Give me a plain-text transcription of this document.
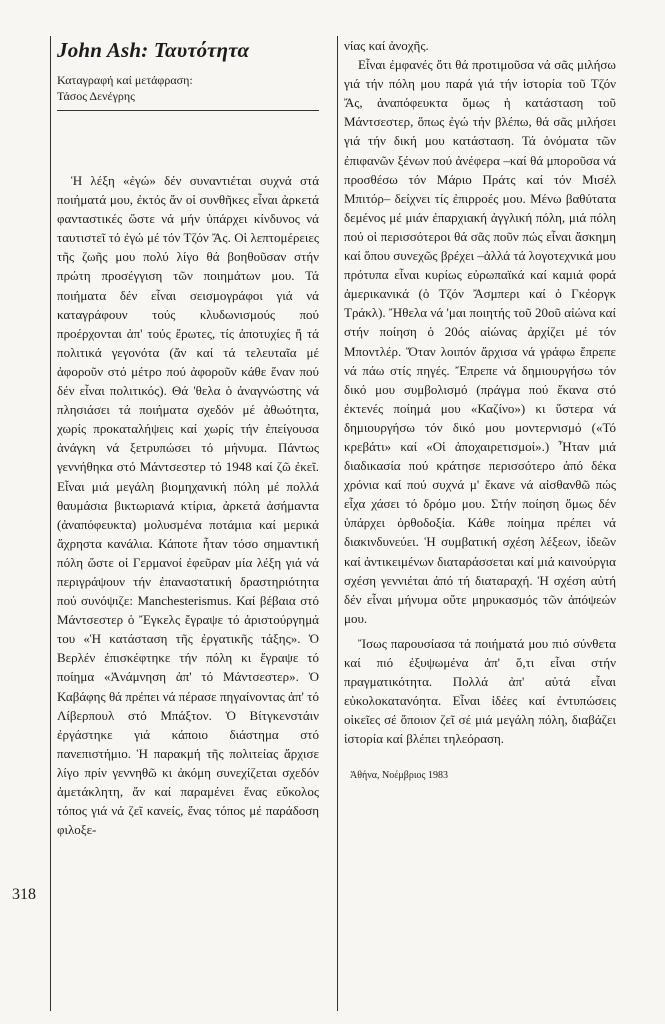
John Ash: Ταυτότητα
Καταγραφή καί μετάφραση:
Τάσος Δενέγρης

Ἡ λέξη «ἐγώ» δέν συναντιέται συχνά στά ποιήματά μου, ἐκτός ἄν οἱ συνθῆκες εἶναι ἀρκετά φανταστικές ὥστε νά μήν ὑπάρχει κίνδυνος νά ταυτιστεῖ τό ἐγώ μέ τόν Τζόν Ἄς. Οἱ λεπτομέρειες τῆς ζωῆς μου πολύ λίγο θά βοηθοῦσαν στήν πρώτη προσέγγιση τῶν ποιημάτων μου. Τά ποιήματα δέν εἶναι σεισμογράφοι γιά νά καταγράφουν τούς κλυδωνισμούς πού προέρχονται ἀπ' τούς ἔρωτες, τίς ἀποτυχίες ἤ τά πολιτικά γεγονότα (ἄν καί τά τελευταῖα μέ ἀφοροῦν στό μέτρο πού ἀφοροῦν κάθε ἕναν πού δέν εἶναι πολιτικός). Θά 'θελα ὁ ἀναγνώστης νά πλησιάσει τά ποιήματα σχεδόν μέ ἀθωότητα, χωρίς προκαταλήψεις καί χωρίς τήν ἐπείγουσα ἀνάγκη νά ξετρυπώσει τό μήνυμα. Πάντως γεννήθηκα στό Μάντσεστερ τό 1948 καί ζῶ ἐκεῖ. Εἶναι μιά μεγάλη βιομηχανική πόλη μέ πολλά θαυμάσια βικτωριανά κτίρια, ἀρκετά ἀσήμαντα (ἀναπόφευκτα) μολυσμένα ποτάμια καί μερικά ἄχρηστα κανάλια. Κάποτε ἦταν τόσο σημαντική πόλη ὥστε οἱ Γερμανοί ἐφεῦραν μία λέξη γιά νά περιγράψουν τήν ἐπαναστατική δραστηριότητα πού συνόψιζε: Manchesterismus. Καί βέβαια στό Μάντσεστερ ὁ Ἔγκελς ἔγραψε τό ἀριστούργημά του «Ἡ κατάσταση τῆς ἐργατικῆς τάξης». Ὁ Βερλέν ἐπισκέφτηκε τήν πόλη κι ἔγραψε τό ποίημα «Ἀνάμνηση ἀπ' τό Μάντσεστερ». Ὁ Καβάφης θά πρέπει νά πέρασε πηγαίνοντας ἀπ' τό Λίβερπουλ στό Μπάξτον. Ὁ Βίτγκενστάιν ἐργάστηκε γιά κάποιο διάστημα στό πανεπιστήμιο. Ἡ παρακμή τῆς πολιτείας ἄρχισε λίγο πρίν γεννηθῶ κι ἀκόμη συνεχίζεται σχεδόν ἀμετάκλητη, ἄν καί παραμένει ἕνας εὔκολος τόπος γιά νά ζεῖ κανείς, ἕνας τόπος μέ παράδοση φιλοξε-

νίας καί ἀνοχῆς.

Εἶναι ἐμφανές ὅτι θά προτιμοῦσα νά σᾶς μιλήσω γιά τήν πόλη μου παρά γιά τήν ἱστορία τοῦ Τζόν Ἄς, ἀναπόφευκτα ὅμως ἡ κατάσταση τοῦ Μάντσεστερ, ὅπως ἐγώ τήν βλέπω, θά σᾶς μιλήσει γιά τήν δική μου κατάσταση. Τά ὀνόματα τῶν ἐπιφανῶν ξένων πού ἀνέφερα –καί θά μποροῦσα νά προσθέσω τόν Μάριο Πράτς καί τόν Μισέλ Μπιτόρ– δείχνει τίς ἐπιρροές μου. Μένω βαθύτατα δεμένος μέ μιάν ἐπαρχιακή ἀγγλική πόλη, μιά πόλη πού οἱ περισσότεροι θά σᾶς ποῦν πώς εἶναι ἄσκημη καί ὅπου συνεχῶς βρέχει –ἀλλά τά λογοτεχνικά μου πρότυπα εἶναι κυρίως εὐρωπαϊκά καί καμιά φορά ἀμερικανικά (ὁ Τζόν Ἄσμπερι καί ὁ Γκέοργκ Τράκλ). Ἤθελα νά 'μαι ποιητής τοῦ 20οῦ αἰώνα καί στήν ποίηση ὁ 20ός αἰώνας ἀρχίζει μέ τόν Μποντλέρ. Ὅταν λοιπόν ἄρχισα νά γράφω ἔπρεπε νά πάω στίς πηγές. Ἔπρεπε νά δημιουργήσω τόν δικό μου συμβολισμό (πράγμα πού ἔκανα στό ἐκτενές ποίημά μου «Καζίνο») κι ὕστερα νά δημιουργήσω τόν δικό μου μοντερνισμό («Τό κρεβάτι» καί «Οἱ ἀποχαιρετισμοί».) Ἦταν μιά διαδικασία πού κράτησε περισσότερο ἀπό δέκα χρόνια καί πού συχνά μ' ἔκανε νά αἰσθανθῶ πώς εἶχα χάσει τό δρόμο μου. Στήν ποίηση ὅμως δέν ὑπάρχει ὀρθοδοξία. Κάθε ποίημα πρέπει νά διακινδυνεύει. Ἡ συμβατική σχέση λέξεων, ἰδεῶν καί ἀντικειμένων διαταράσσεται καί μιά καινούργια σχέση γεννιέται ἀπό τή διαταραχή. Ἡ σχέση αὐτή δέν εἶναι μήνυμα οὔτε μηρυκασμός τῶν ἀπόψεών μου.

Ἴσως παρουσίασα τά ποιήματά μου πιό σύνθετα καί πιό ἐξυψωμένα ἀπ' ὅ,τι εἶναι στήν πραγματικότητα. Πολλά ἀπ' αὐτά εἶναι εὐκολοκατανόητα. Εἶναι ἰδέες καί ἐντυπώσεις οἰκεῖες σέ ὅποιον ζεῖ σέ μιά μεγάλη πόλη, διαβάζει ἱστορία καί βλέπει τηλεόραση.

Ἀθήνα, Νοέμβριος 1983
318
